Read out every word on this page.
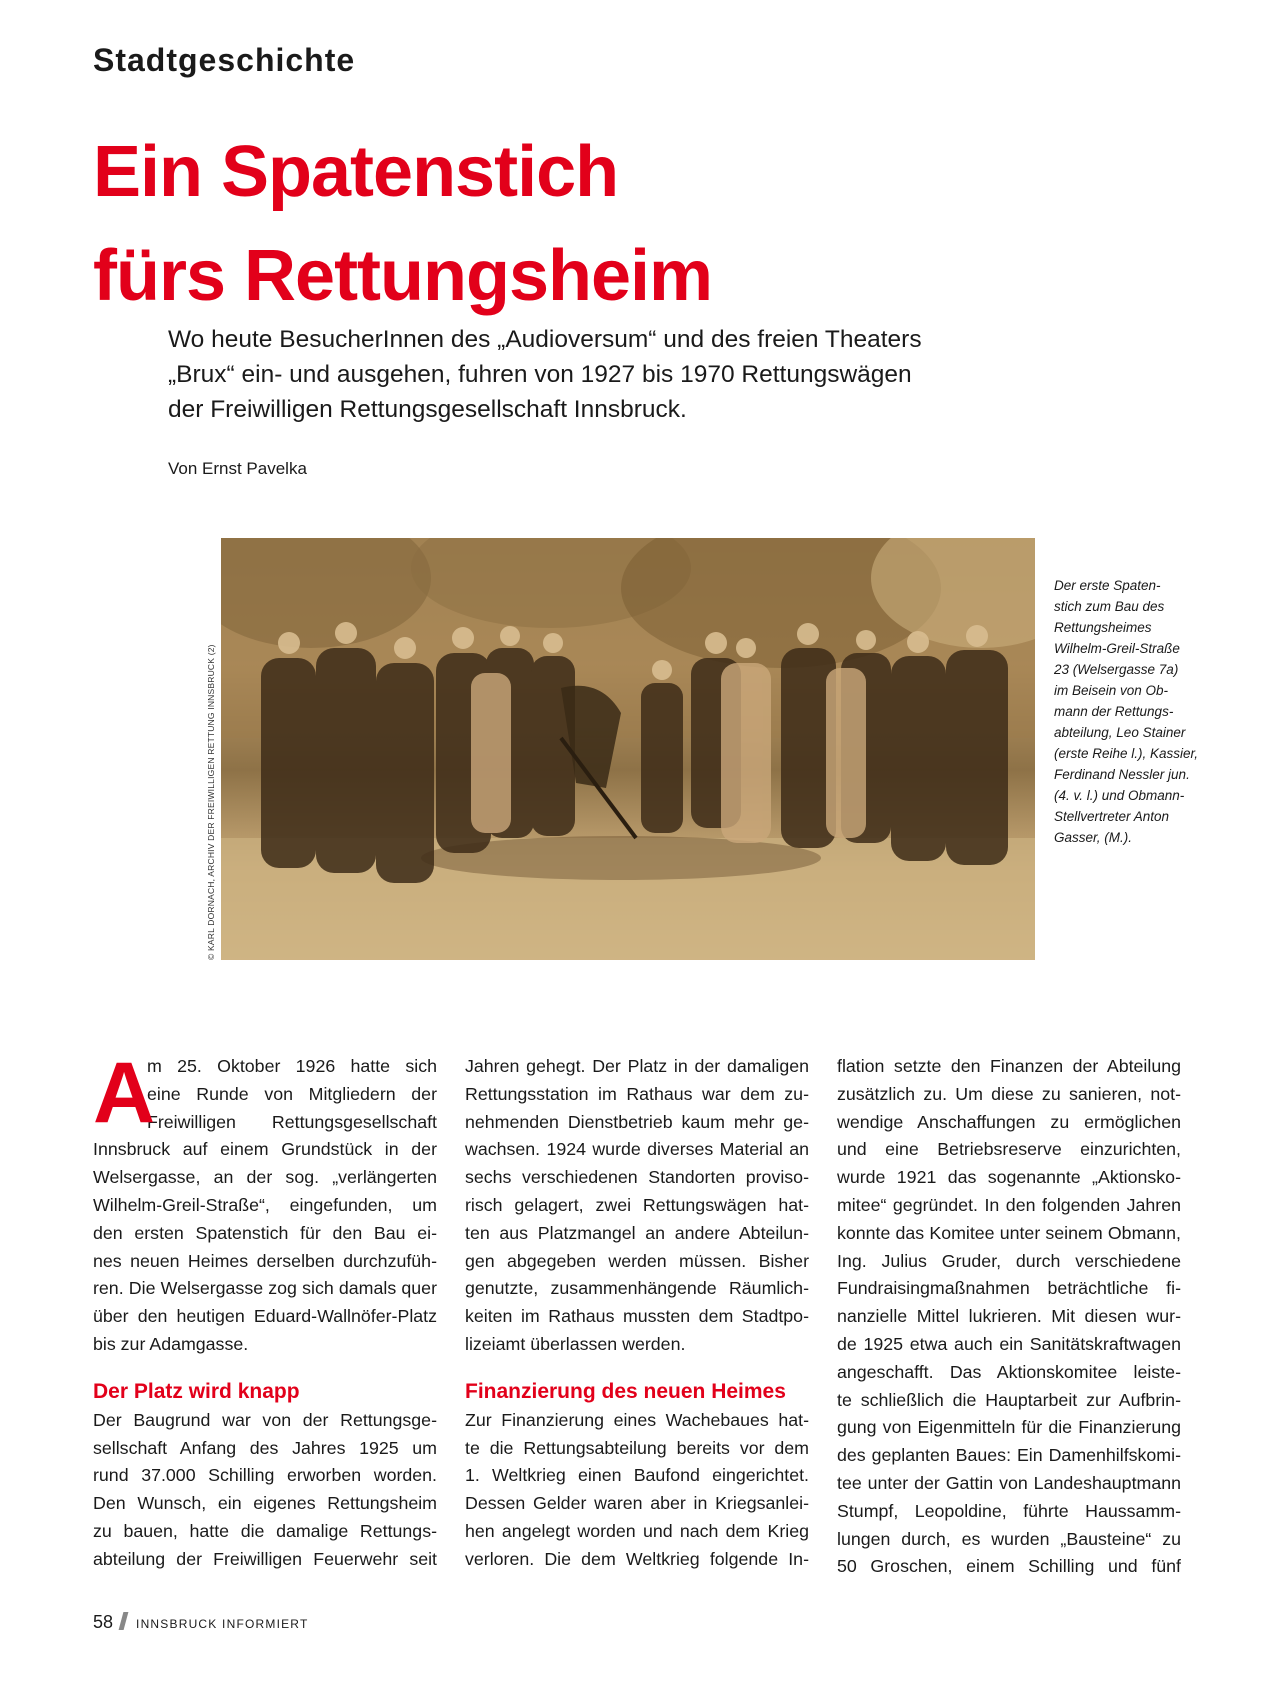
Stadtgeschichte
Ein Spatenstich
fürs Rettungsheim
Wo heute BesucherInnen des „Audioversum“ und des freien Theaters
„Brux“ ein- und ausgehen, fuhren von 1927 bis 1970 Rettungswägen
der Freiwilligen Rettungsgesellschaft Innsbruck.
Von Ernst Pavelka
© KARL DORNACH, ARCHIV DER FREIWILLIGEN RETTUNG INNSBRUCK (2)
Der erste Spaten-
stich zum Bau des
Rettungsheimes
Wilhelm-Greil-Straße
23 (Welsergasse 7a)
im Beisein von Ob-
mann der Rettungs-
abteilung, Leo Stainer
(erste Reihe l.), Kassier,
Ferdinand Nessler jun.
(4. v. l.) und Obmann-
Stellvertreter Anton
Gasser, (M.).
A
m 25. Oktober 1926 hatte sich
eine Runde von Mitgliedern der
Freiwilligen Rettungsgesellschaft
Innsbruck auf einem Grundstück in der
Welsergasse, an der sog. „verlängerten
Wilhelm-Greil-Straße“, eingefunden, um
den ersten Spatenstich für den Bau ei-
nes neuen Heimes derselben durchzufüh-
ren. Die Welsergasse zog sich damals quer
über den heutigen Eduard-Wallnöfer-Platz
bis zur Adamgasse.
Der Platz wird knapp
Der Baugrund war von der Rettungsge-
sellschaft Anfang des Jahres 1925 um
rund 37.000 Schilling erworben worden.
Den Wunsch, ein eigenes Rettungsheim
zu bauen, hatte die damalige Rettungs-
abteilung der Freiwilligen Feuerwehr seit
Jahren gehegt. Der Platz in der damaligen
Rettungsstation im Rathaus war dem zu-
nehmenden Dienstbetrieb kaum mehr ge-
wachsen. 1924 wurde diverses Material an
sechs verschiedenen Standorten proviso-
risch gelagert, zwei Rettungswägen hat-
ten aus Platzmangel an andere Abteilun-
gen abgegeben werden müssen. Bisher
genutzte, zusammenhängende Räumlich-
keiten im Rathaus mussten dem Stadtpo-
lizeiamt überlassen werden.
Finanzierung des neuen Heimes
Zur Finanzierung eines Wachebaues hat-
te die Rettungsabteilung bereits vor dem
1. Weltkrieg einen Baufond eingerichtet.
Dessen Gelder waren aber in Kriegsanlei-
hen angelegt worden und nach dem Krieg
verloren. Die dem Weltkrieg folgende In-
flation setzte den Finanzen der Abteilung
zusätzlich zu. Um diese zu sanieren, not-
wendige Anschaffungen zu ermöglichen
und eine Betriebsreserve einzurichten,
wurde 1921 das sogenannte „Aktionsko-
mitee“ gegründet. In den folgenden Jahren
konnte das Komitee unter seinem Obmann,
Ing. Julius Gruder, durch verschiedene
Fundraisingmaßnahmen beträchtliche fi-
nanzielle Mittel lukrieren. Mit diesen wur-
de 1925 etwa auch ein Sanitätskraftwagen
angeschafft. Das Aktionskomitee leiste-
te schließlich die Hauptarbeit zur Aufbrin-
gung von Eigenmitteln für die Finanzierung
des geplanten Baues: Ein Damenhilfskomi-
tee unter der Gattin von Landeshauptmann
Stumpf, Leopoldine, führte Haussamm-
lungen durch, es wurden „Bausteine“ zu
50 Groschen, einem Schilling und fünf
58 INNSBRUCK INFORMIERT
